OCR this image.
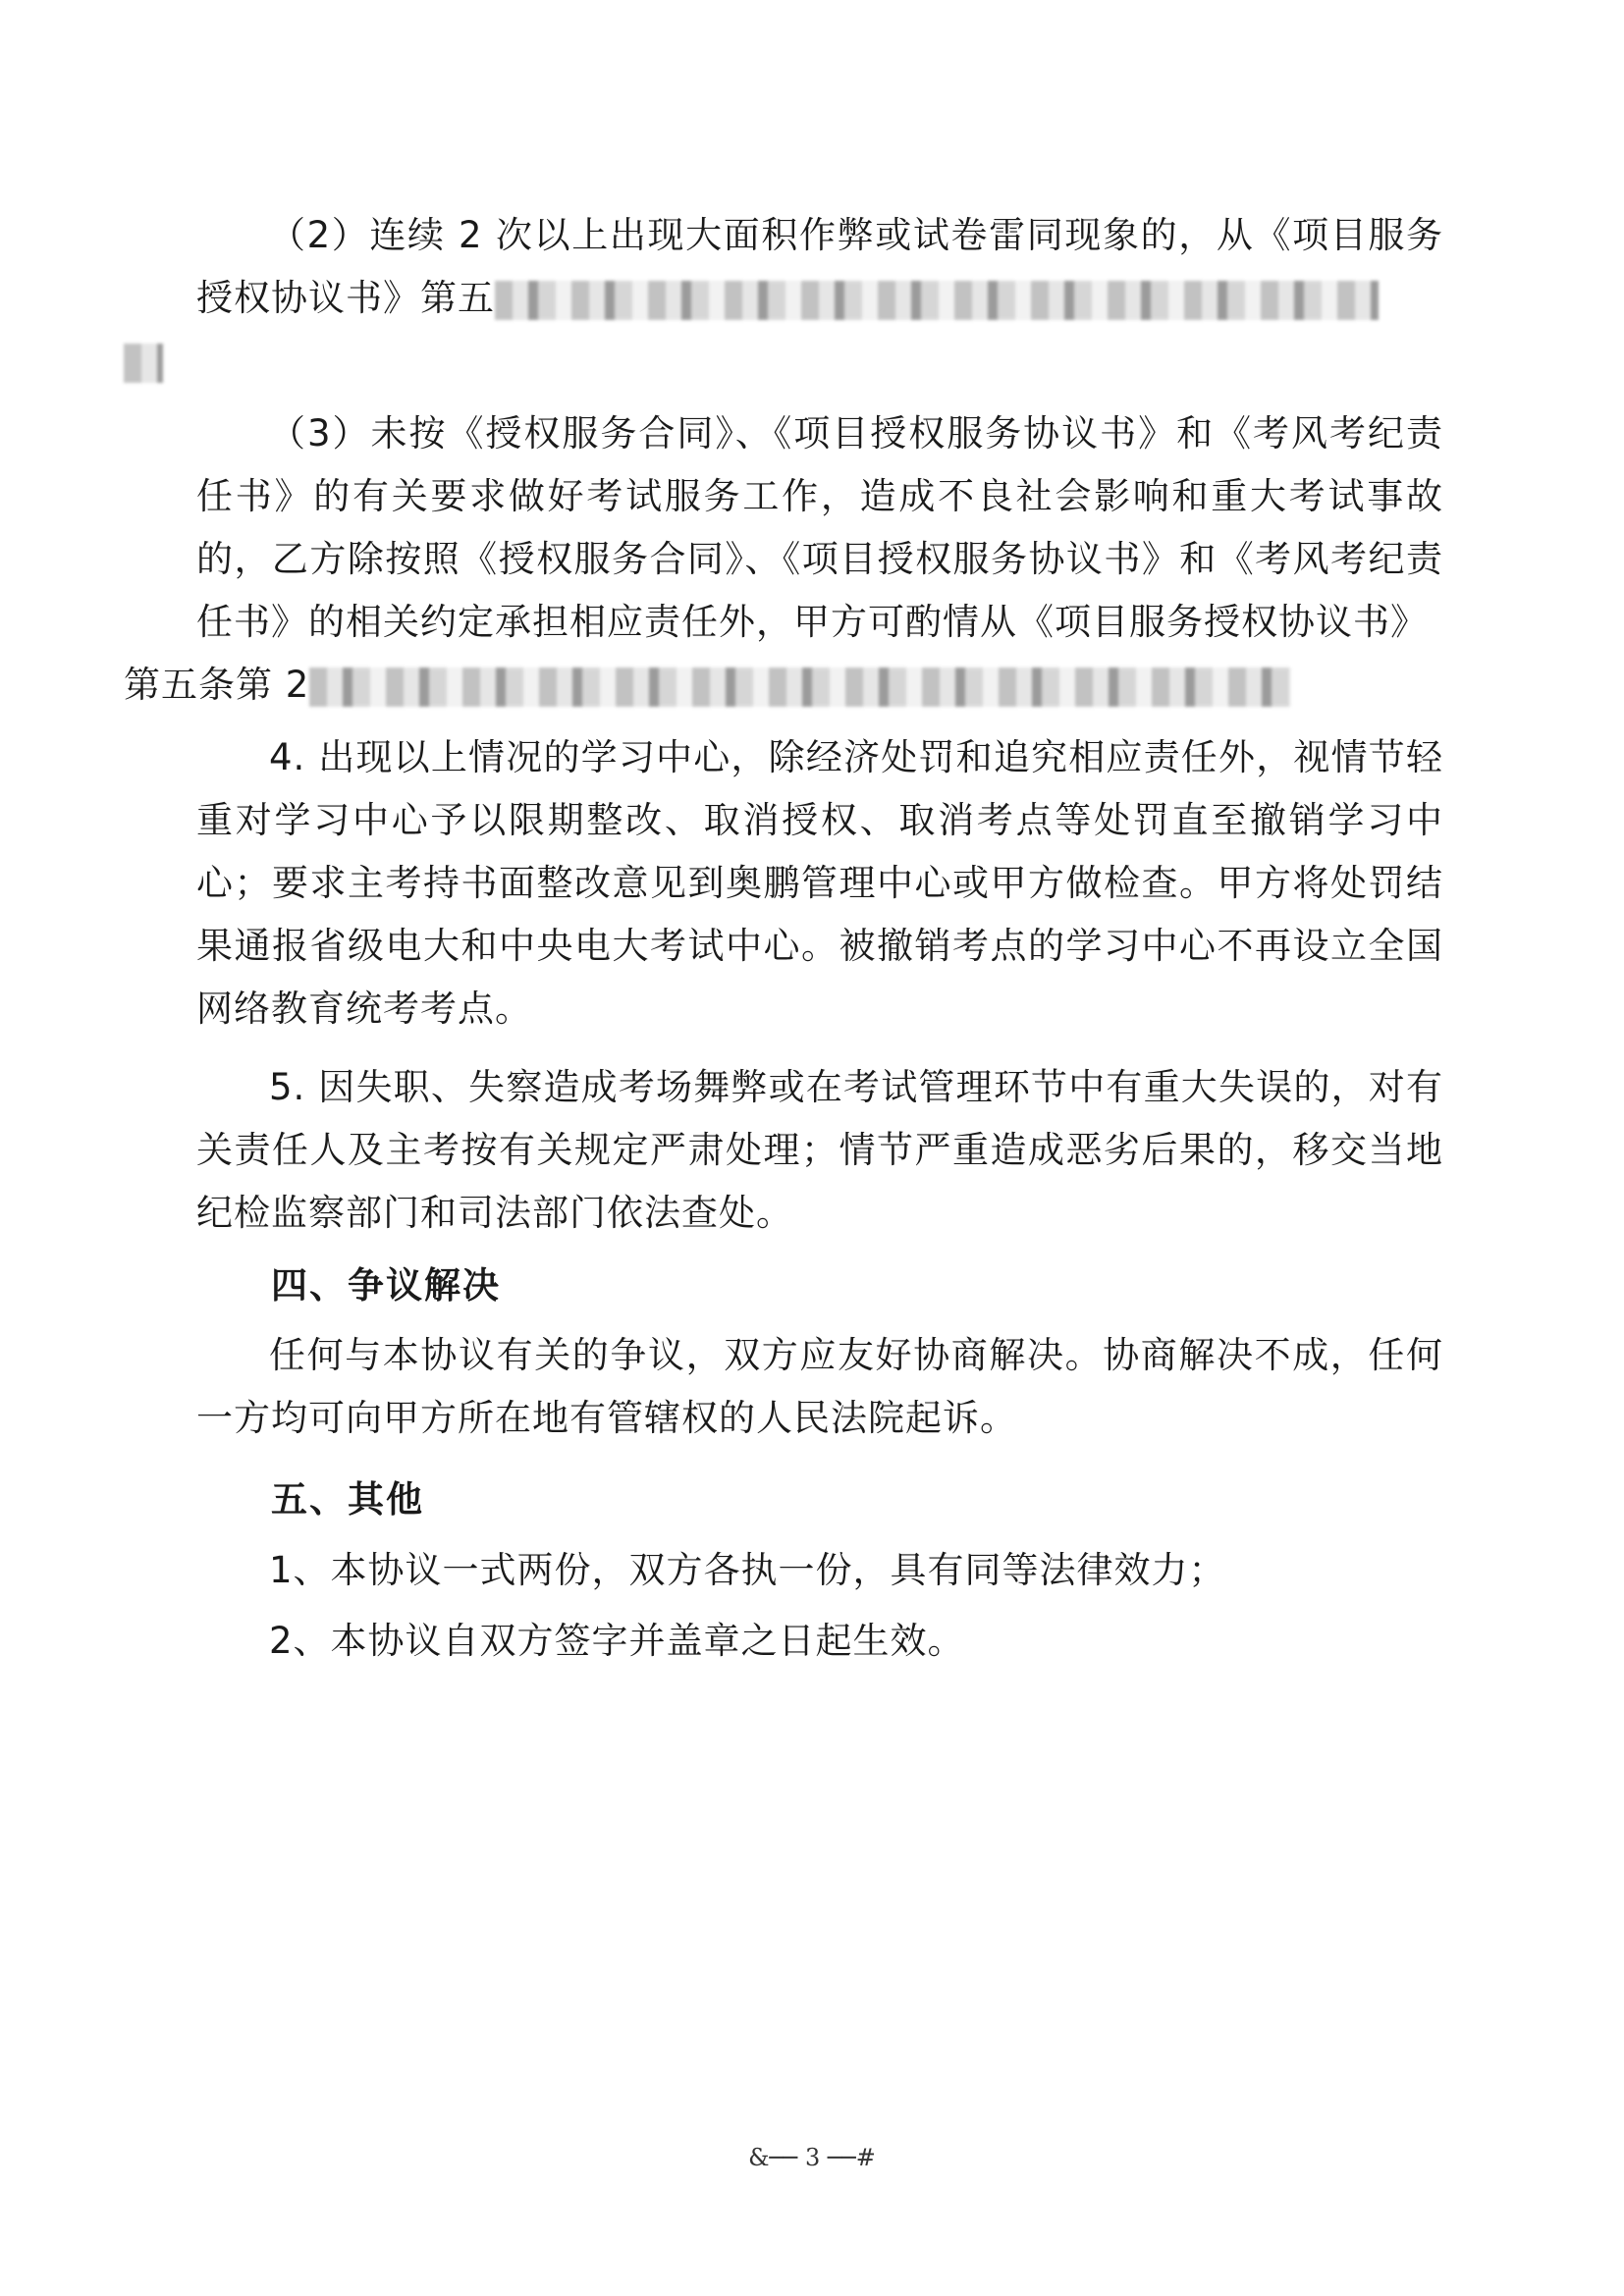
（2）连续 2 次以上出现大面积作弊或试卷雷同现象的，从《项目服务授权协议书》第五

（3）未按《授权服务合同》、《项目授权服务协议书》和《考风考纪责任书》的有关要求做好考试服务工作，造成不良社会影响和重大考试事故的，乙方除按照《授权服务合同》、《项目授权服务协议书》和《考风考纪责任书》的相关约定承担相应责任外，甲方可酌情从《项目服务授权协议书》
第五条第 2

4. 出现以上情况的学习中心，除经济处罚和追究相应责任外，视情节轻重对学习中心予以限期整改、取消授权、取消考点等处罚直至撤销学习中心；要求主考持书面整改意见到奥鹏管理中心或甲方做检查。甲方将处罚结果通报省级电大和中央电大考试中心。被撤销考点的学习中心不再设立全国网络教育统考考点。

5. 因失职、失察造成考场舞弊或在考试管理环节中有重大失误的，对有关责任人及主考按有关规定严肃处理；情节严重造成恶劣后果的，移交当地纪检监察部门和司法部门依法查处。

四、争议解决

任何与本协议有关的争议，双方应友好协商解决。协商解决不成，任何一方均可向甲方所在地有管辖权的人民法院起诉。

五、其他

1、本协议一式两份，双方各执一份，具有同等法律效力；

2、本协议自双方签字并盖章之日起生效。

&── 3 ──#
